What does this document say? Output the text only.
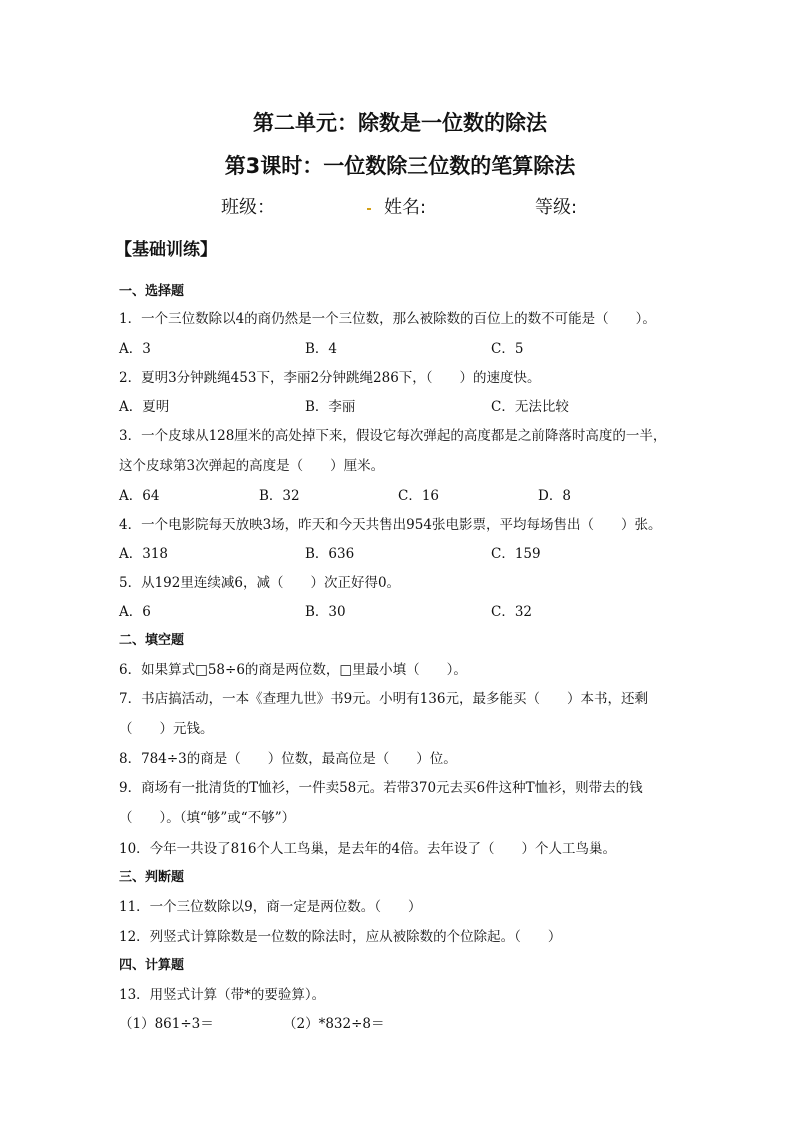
第二单元：除数是一位数的除法
第3课时：一位数除三位数的笔算除法
班级：	姓名:	等级:
【基础训练】
一、选择题
1．一个三位数除以4的商仍然是一个三位数，那么被除数的百位上的数不可能是（　　）。
A．3	B．4	C．5
2．夏明3分钟跳绳453下，李丽2分钟跳绳286下，（　　）的速度快。
A．夏明	B．李丽	C．无法比较
3．一个皮球从128厘米的高处掉下来，假设它每次弹起的高度都是之前降落时高度的一半，
这个皮球第3次弹起的高度是（　　）厘米。
A．64	B．32	C．16	D．8
4．一个电影院每天放映3场，昨天和今天共售出954张电影票，平均每场售出（　　）张。
A．318	B．636	C．159
5．从192里连续减6，减（　　）次正好得0。
A．6	B．30	C．32
二、填空题
6．如果算式□58÷6的商是两位数，□里最小填（　　）。
7．书店搞活动，一本《查理九世》书9元。小明有136元，最多能买（　　）本书，还剩
（　　）元钱。
8．784÷3的商是（　　）位数，最高位是（　　）位。
9．商场有一批清货的T恤衫，一件卖58元。若带370元去买6件这种T恤衫，则带去的钱
（　　）。（填“够”或“不够”）
10．今年一共设了816个人工鸟巢，是去年的4倍。去年设了（　　）个人工鸟巢。
三、判断题
11．一个三位数除以9，商一定是两位数。（　　）
12．列竖式计算除数是一位数的除法时，应从被除数的个位除起。（　　）
四、计算题
13．用竖式计算（带*的要验算）。
（1）861÷3＝	（2）*832÷8＝
